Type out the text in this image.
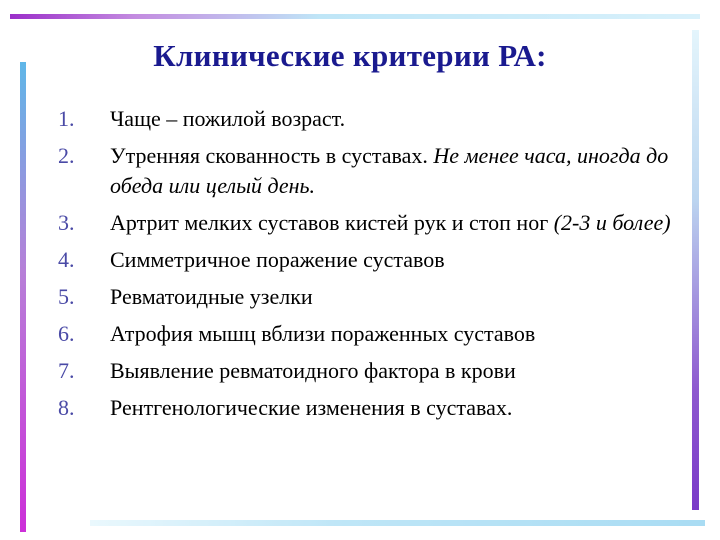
Клинические критерии РА:
1.	Чаще – пожилой возраст.
2.	Утренняя скованность в суставах. Не менее часа, иногда до обеда или целый день.
3.	Артрит мелких суставов кистей рук и стоп ног (2-3 и более)
4.	Симметричное поражение суставов
5.	Ревматоидные узелки
6.	Атрофия мышц вблизи пораженных суставов
7.	Выявление ревматоидного фактора в крови
8.	Рентгенологические изменения в суставах.
